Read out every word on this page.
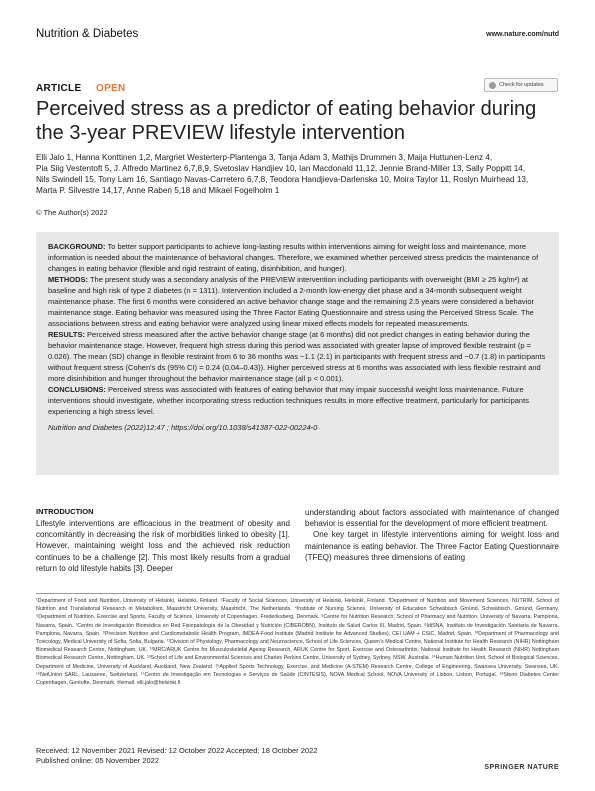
Nutrition & Diabetes	www.nature.com/nutd
ARTICLE OPEN	Check for updates
Perceived stress as a predictor of eating behavior during the 3-year PREVIEW lifestyle intervention
Elli Jalo 1, Hanna Konttinen 1,2, Margriet Westerterp-Plantenga 3, Tanja Adam 3, Mathijs Drummen 3, Maija Huttunen-Lenz 4,
Pia Siig Vestentoft 5, J. Alfredo Martinez 6,7,8,9, Svetoslav Handjiev 10, Ian Macdonald 11,12, Jennie Brand-Miller 13, Sally Poppitt 14,
Nils Swindell 15, Tony Lam 16, Santiago Navas-Carretero 6,7,8, Teodora Handjieva-Darlenska 10, Moira Taylor 11, Roslyn Muirhead 13,
Marta P. Silvestre 14,17, Anne Raben 5,18 and Mikael Fogelholm 1
© The Author(s) 2022

BACKGROUND: To better support participants to achieve long-lasting results within interventions aiming for weight loss and maintenance, more information is needed about the maintenance of behavioral changes. Therefore, we examined whether perceived stress predicts the maintenance of changes in eating behavior (flexible and rigid restraint of eating, disinhibition, and hunger).

METHODS: The present study was a secondary analysis of the PREVIEW intervention including participants with overweight (BMI ≥ 25 kg/m²) at baseline and high risk of type 2 diabetes (n = 1311). Intervention included a 2-month low-energy diet phase and a 34-month subsequent weight maintenance phase. The first 6 months were considered an active behavior change stage and the remaining 2.5 years were considered a behavior maintenance stage. Eating behavior was measured using the Three Factor Eating Questionnaire and stress using the Perceived Stress Scale. The associations between stress and eating behavior were analyzed using linear mixed effects models for repeated measurements.

RESULTS: Perceived stress measured after the active behavior change stage (at 6 months) did not predict changes in eating behavior during the behavior maintenance stage. However, frequent high stress during this period was associated with greater lapse of improved flexible restraint (p = 0.026). The mean (SD) change in flexible restraint from 6 to 36 months was −1.1 (2.1) in participants with frequent stress and −0.7 (1.8) in participants without frequent stress (Cohen's ds (95% CI) = 0.24 (0.04–0.43)). Higher perceived stress at 6 months was associated with less flexible restraint and more disinhibition and hunger throughout the behavior maintenance stage (all p < 0.001).

CONCLUSIONS: Perceived stress was associated with features of eating behavior that may impair successful weight loss maintenance. Future interventions should investigate, whether incorporating stress reduction techniques results in more effective treatment, particularly for participants experiencing a high stress level.

Nutrition and Diabetes (2022)12:47 ; https://doi.org/10.1038/s41387-022-00224-0

INTRODUCTION

Lifestyle interventions are efficacious in the treatment of obesity and concomitantly in decreasing the risk of morbidities linked to obesity [1]. However, maintaining weight loss and the achieved risk reduction continues to be a challenge [2]. This most likely results from a gradual return to old lifestyle habits [3]. Deeper

understanding about factors associated with maintenance of changed behavior is essential for the development of more efficient treatment.

One key target in lifestyle interventions aiming for weight loss and maintenance is eating behavior. The Three Factor Eating Questionnaire (TFEQ) measures three dimensions of eating

¹Department of Food and Nutrition, University of Helsinki, Helsinki, Finland. ²Faculty of Social Sciences, University of Helsinki, Helsinki, Finland. ³Department of Nutrition and Movement Sciences, NUTRIM, School of Nutrition and Translational Research in Metabolism, Maastricht University, Maastricht, The Netherlands. ⁴Institute of Nursing Science, University of Education Schwäbisch Gmünd, Schwäbisch, Gmünd, Germany. ⁵Department of Nutrition, Exercise and Sports, Faculty of Science, University of Copenhagen, Frederiksberg, Denmark. ⁶Centre for Nutrition Research, School of Pharmacy and Nutrition, University of Navarra, Pamplona, Navarra, Spain. ⁷Centro de Investigación Biomédica en Red Fisiopatología de la Obesidad y Nutrición (CIBEROBN), Instituto de Salud Carlos III, Madrid, Spain. ⁸IdiSNA, Instituto de Investigación Sanitaria de Navarra, Pamplona, Navarra, Spain. ⁹Precision Nutrition and Cardiometabolic Health Program, IMDEA-Food Institute (Madrid Institute for Advanced Studies), CEI UAM + CSIC, Madrid, Spain. ¹⁰Department of Pharmacology and Toxicology, Medical University of Sofia, Sofia, Bulgaria. ¹¹Division of Physiology, Pharmacology and Neuroscience, School of Life Sciences, Queen's Medical Centre, National Institute for Health Research (NIHR) Nottingham Biomedical Research Centre, Nottingham, UK. ¹²MRC/ARUK Centre for Musculoskeletal Ageing Research, ARUK Centre for Sport, Exercise and Osteoarthritis, National Institute for Health Research (NIHR) Nottingham Biomedical Research Centre, Nottingham, UK. ¹³School of Life and Environmental Sciences and Charles Perkins Centre, University of Sydney, Sydney, NSW, Australia. ¹⁴Human Nutrition Unit, School of Biological Sciences, Department of Medicine, University of Auckland, Auckland, New Zealand. ¹⁵Applied Sports Technology, Exercise, and Medicine (A-STEM) Research Centre, College of Engineering, Swansea University, Swansea, UK. ¹⁶NetUnion SARL, Lausanne, Switzerland. ¹⁷Centro de Investigação em Tecnologias e Serviços de Saúde (CINTESIS), NOVA Medical School, NOVA University of Lisbon, Lisbon, Portugal. ¹⁸Steno Diabetes Center Copenhagen, Gentofte, Denmark. ✉email: elli.jalo@helsinki.fi
Received: 12 November 2021 Revised: 12 October 2022 Accepted: 18 October 2022
Published online: 05 November 2022
SPRINGER NATURE
